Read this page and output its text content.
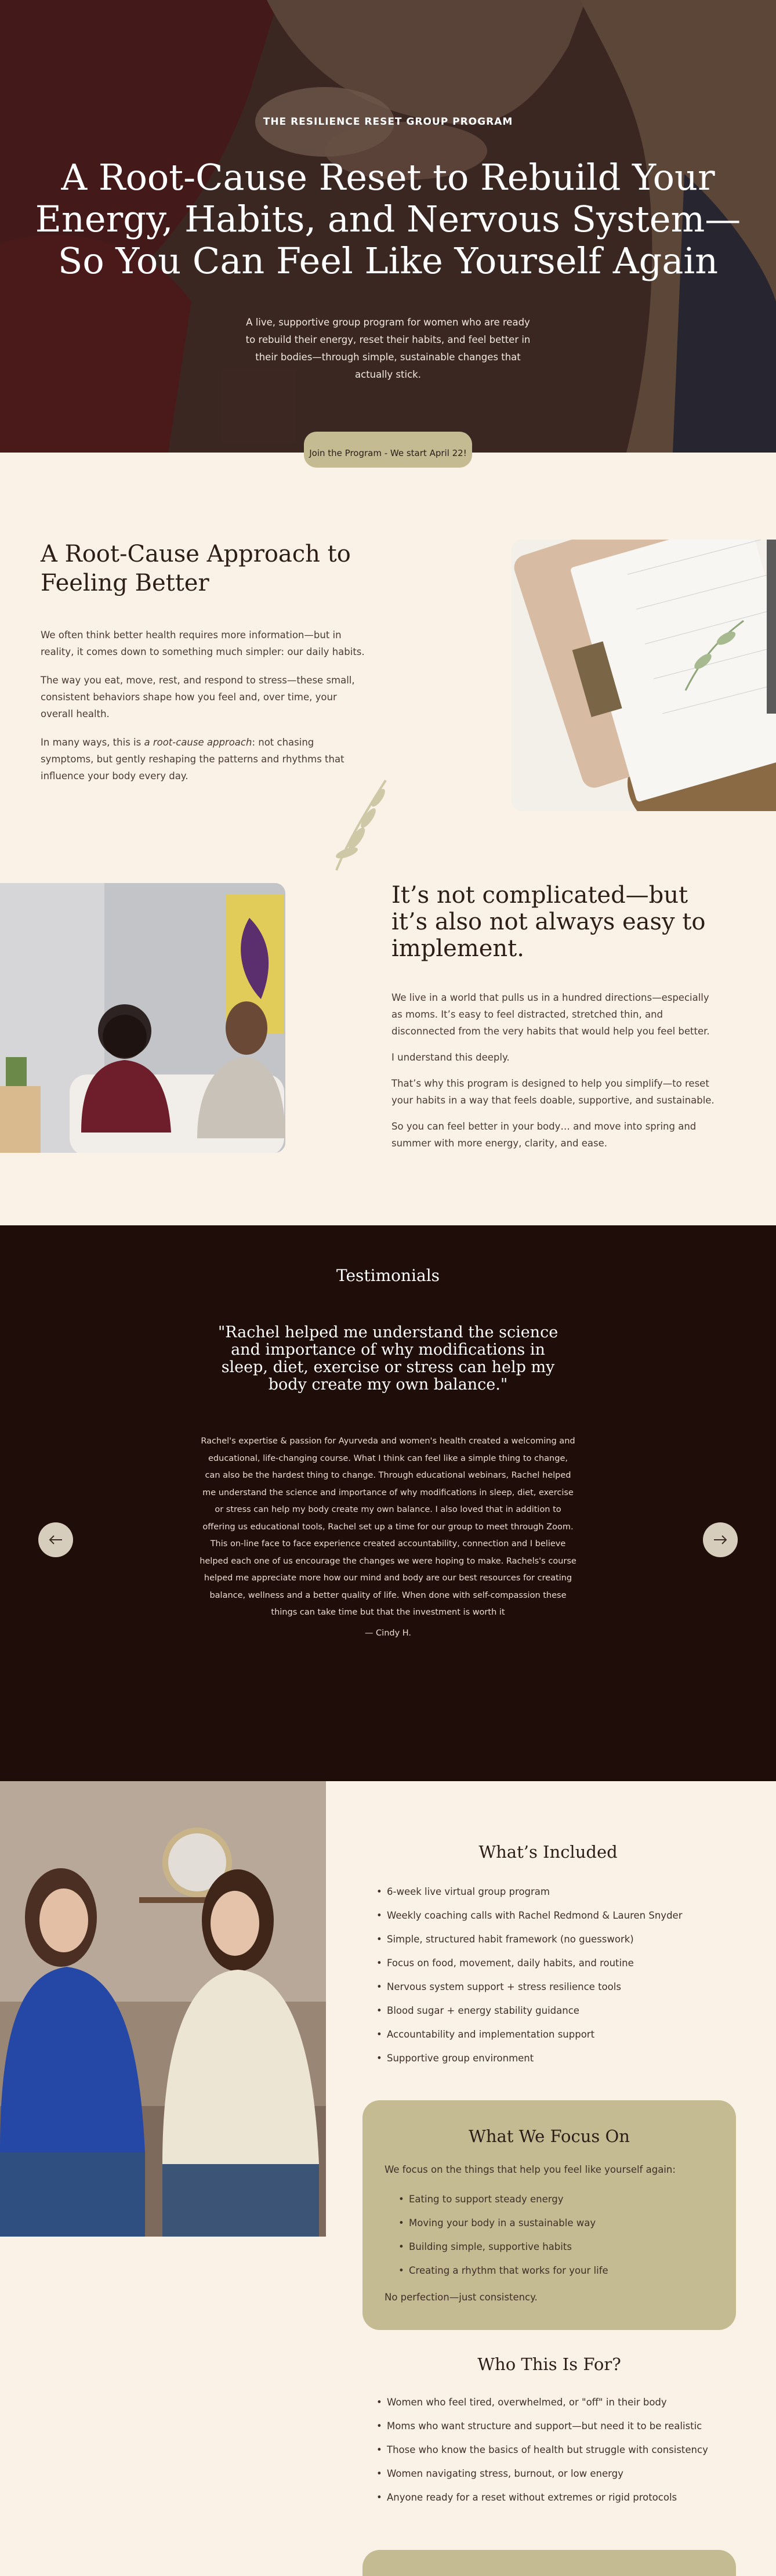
THE RESILIENCE RESET GROUP PROGRAM
A Root-Cause Reset to Rebuild Your Energy, Habits, and Nervous System—So You Can Feel Like Yourself Again

A live, supportive group program for women who are ready to rebuild their energy, reset their habits, and feel better in their bodies—through simple, sustainable changes that actually stick.

Join the Program - We start April 22!
A Root-Cause Approach to Feeling Better

We often think better health requires more information—but in reality, it comes down to something much simpler: our daily habits.

The way you eat, move, rest, and respond to stress—these small, consistent behaviors shape how you feel and, over time, your overall health.

In many ways, this is a root-cause approach: not chasing symptoms, but gently reshaping the patterns and rhythms that influence your body every day.

It’s not complicated—but it’s also not always easy to implement.

We live in a world that pulls us in a hundred directions—especially as moms. It’s easy to feel distracted, stretched thin, and disconnected from the very habits that would help you feel better.

I understand this deeply.

That’s why this program is designed to help you simplify—to reset your habits in a way that feels doable, supportive, and sustainable.

So you can feel better in your body… and move into spring and summer with more energy, clarity, and ease.

Testimonials
"Rachel helped me understand the science and importance of why modifications in sleep, diet, exercise or stress can help my body create my own balance."

Rachel's expertise & passion for Ayurveda and women's health created a welcoming and educational, life-changing course. What I think can feel like a simple thing to change, can also be the hardest thing to change. Through educational webinars, Rachel helped me understand the science and importance of why modifications in sleep, diet, exercise or stress can help my body create my own balance. I also loved that in addition to offering us educational tools, Rachel set up a time for our group to meet through Zoom. This on-line face to face experience created accountability, connection and I believe helped each one of us encourage the changes we were hoping to make. Rachels's course helped me appreciate more how our mind and body are our best resources for creating balance, wellness and a better quality of life. When done with self-compassion these things can take time but that the investment is worth it

— Cindy H.

What’s Included
• 6-week live virtual group program
• Weekly coaching calls with Rachel Redmond & Lauren Snyder
• Simple, structured habit framework (no guesswork)
• Focus on food, movement, daily habits, and routine
• Nervous system support + stress resilience tools
• Blood sugar + energy stability guidance
• Accountability and implementation support
• Supportive group environment
What We Focus On

We focus on the things that help you feel like yourself again:

• Eating to support steady energy
• Moving your body in a sustainable way
• Building simple, supportive habits
• Creating a rhythm that works for your life

No perfection—just consistency.

Who This Is For?
• Women who feel tired, overwhelmed, or "off" in their body
• Moms who want structure and support—but need it to be realistic
• Those who know the basics of health but struggle with consistency
• Women navigating stress, burnout, or low energy
• Anyone ready for a reset without extremes or rigid protocols
